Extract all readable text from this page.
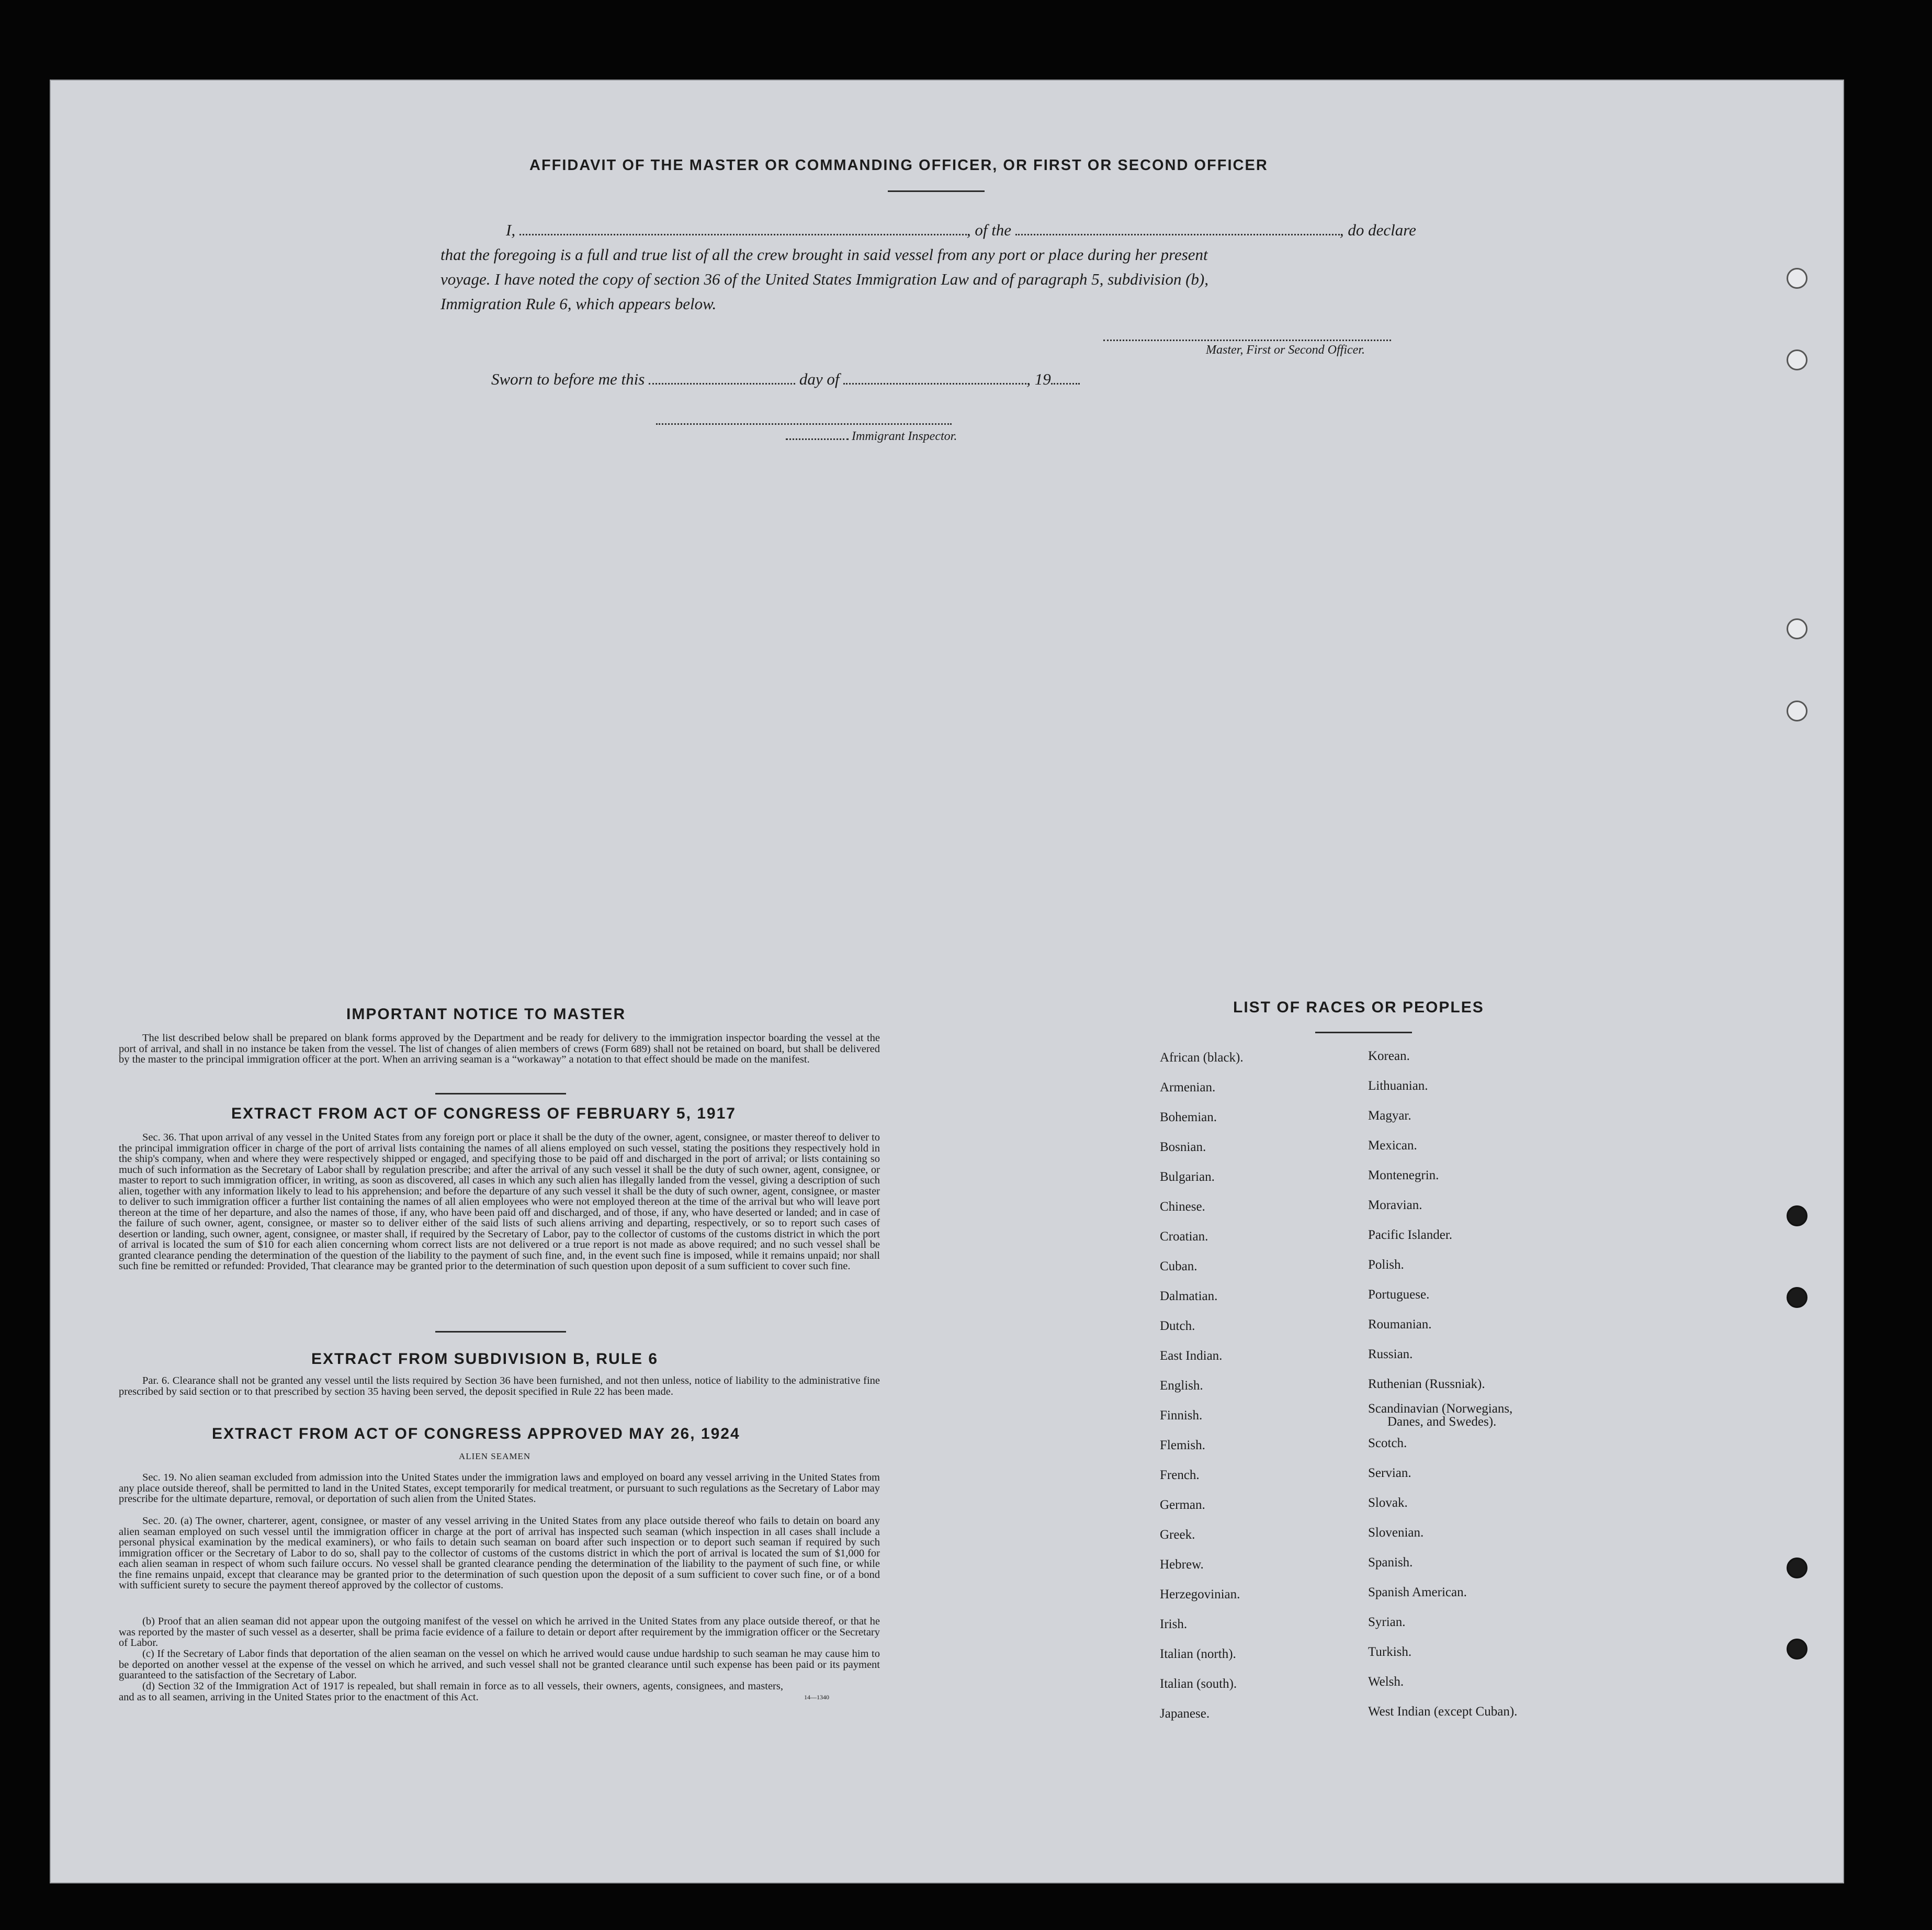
AFFIDAVIT OF THE MASTER OR COMMANDING OFFICER, OR FIRST OR SECOND OFFICER
I,	, of the	, do declare
that the foregoing is a full and true list of all the crew brought in said vessel from any port or place during her present
voyage. I have noted the copy of section 36 of the United States Immigration Law and of paragraph 5, subdivision (b),
Immigration Rule 6, which appears below.
Master, First or Second Officer.
Sworn to before me this	day of	, 19
Immigrant Inspector.
IMPORTANT NOTICE TO MASTER
The list described below shall be prepared on blank forms approved by the Department and be ready for delivery to the immigration inspector boarding the vessel at the port of arrival, and shall in no instance be taken from the vessel. The list of changes of alien members of crews (Form 689) shall not be retained on board, but shall be delivered by the master to the principal immigration officer at the port. When an arriving seaman is a “workaway” a notation to that effect should be made on the manifest.
EXTRACT FROM ACT OF CONGRESS OF FEBRUARY 5, 1917
Sec. 36. That upon arrival of any vessel in the United States from any foreign port or place it shall be the duty of the owner, agent, consignee, or master thereof to deliver to the principal immigration officer in charge of the port of arrival lists containing the names of all aliens employed on such vessel, stating the positions they respectively hold in the ship's company, when and where they were respectively shipped or engaged, and specifying those to be paid off and discharged in the port of arrival; or lists containing so much of such information as the Secretary of Labor shall by regulation prescribe; and after the arrival of any such vessel it shall be the duty of such owner, agent, consignee, or master to report to such immigration officer, in writing, as soon as discovered, all cases in which any such alien has illegally landed from the vessel, giving a description of such alien, together with any information likely to lead to his apprehension; and before the departure of any such vessel it shall be the duty of such owner, agent, consignee, or master to deliver to such immigration officer a further list containing the names of all alien employees who were not employed thereon at the time of the arrival but who will leave port thereon at the time of her departure, and also the names of those, if any, who have been paid off and discharged, and of those, if any, who have deserted or landed; and in case of the failure of such owner, agent, consignee, or master so to deliver either of the said lists of such aliens arriving and departing, respectively, or so to report such cases of desertion or landing, such owner, agent, consignee, or master shall, if required by the Secretary of Labor, pay to the collector of customs of the customs district in which the port of arrival is located the sum of $10 for each alien concerning whom correct lists are not delivered or a true report is not made as above required; and no such vessel shall be granted clearance pending the determination of the question of the liability to the payment of such fine, and, in the event such fine is imposed, while it remains unpaid; nor shall such fine be remitted or refunded: Provided, That clearance may be granted prior to the determination of such question upon deposit of a sum sufficient to cover such fine.
EXTRACT FROM SUBDIVISION B, RULE 6
Par. 6. Clearance shall not be granted any vessel until the lists required by Section 36 have been furnished, and not then unless, notice of liability to the administrative fine prescribed by said section or to that prescribed by section 35 having been served, the deposit specified in Rule 22 has been made.
EXTRACT FROM ACT OF CONGRESS APPROVED MAY 26, 1924
ALIEN SEAMEN
Sec. 19. No alien seaman excluded from admission into the United States under the immigration laws and employed on board any vessel arriving in the United States from any place outside thereof, shall be permitted to land in the United States, except temporarily for medical treatment, or pursuant to such regulations as the Secretary of Labor may prescribe for the ultimate departure, removal, or deportation of such alien from the United States.
Sec. 20. (a) The owner, charterer, agent, consignee, or master of any vessel arriving in the United States from any place outside thereof who fails to detain on board any alien seaman employed on such vessel until the immigration officer in charge at the port of arrival has inspected such seaman (which inspection in all cases shall include a personal physical examination by the medical examiners), or who fails to detain such seaman on board after such inspection or to deport such seaman if required by such immigration officer or the Secretary of Labor to do so, shall pay to the collector of customs of the customs district in which the port of arrival is located the sum of $1,000 for each alien seaman in respect of whom such failure occurs. No vessel shall be granted clearance pending the determination of the liability to the payment of such fine, or while the fine remains unpaid, except that clearance may be granted prior to the determination of such question upon the deposit of a sum sufficient to cover such fine, or of a bond with sufficient surety to secure the payment thereof approved by the collector of customs.
(b) Proof that an alien seaman did not appear upon the outgoing manifest of the vessel on which he arrived in the United States from any place outside thereof, or that he was reported by the master of such vessel as a deserter, shall be prima facie evidence of a failure to detain or deport after requirement by the immigration officer or the Secretary of Labor.
(c) If the Secretary of Labor finds that deportation of the alien seaman on the vessel on which he arrived would cause undue hardship to such seaman he may cause him to be deported on another vessel at the expense of the vessel on which he arrived, and such vessel shall not be granted clearance until such expense has been paid or its payment guaranteed to the satisfaction of the Secretary of Labor.
(d) Section 32 of the Immigration Act of 1917 is repealed, but shall remain in force as to all vessels, their owners, agents, consignees, and masters, and as to all seamen, arriving in the United States prior to the enactment of this Act.	14—1340
LIST OF RACES OR PEOPLES
African (black).
Armenian.
Bohemian.
Bosnian.
Bulgarian.
Chinese.
Croatian.
Cuban.
Dalmatian.
Dutch.
East Indian.
English.
Finnish.
Flemish.
French.
German.
Greek.
Hebrew.
Herzegovinian.
Irish.
Italian (north).
Italian (south).
Japanese.
Korean.
Lithuanian.
Magyar.
Mexican.
Montenegrin.
Moravian.
Pacific Islander.
Polish.
Portuguese.
Roumanian.
Russian.
Ruthenian (Russniak).
Scandinavian (Norwegians,
Danes, and Swedes).
Scotch.
Servian.
Slovak.
Slovenian.
Spanish.
Spanish American.
Syrian.
Turkish.
Welsh.
West Indian (except Cuban).
